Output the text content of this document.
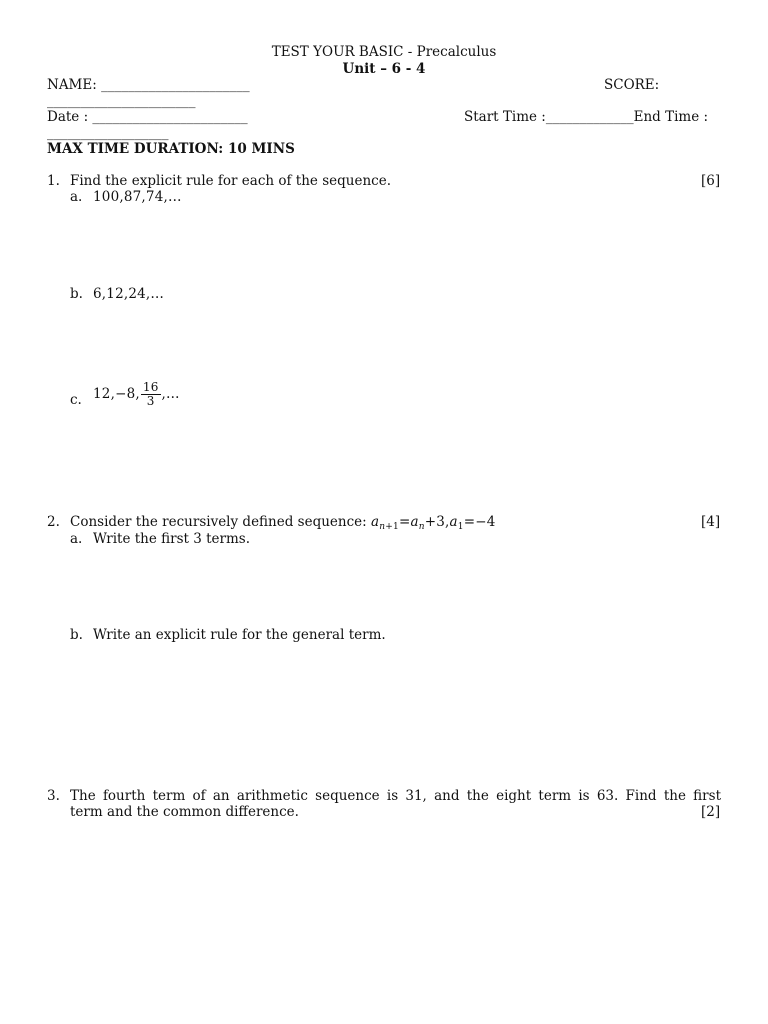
TEST YOUR BASIC - Precalculus
Unit – 6 - 4
NAME: ______________________	SCORE:
______________________
Date : _______________________	Start Time :_____________End Time :
__________________
MAX TIME DURATION: 10 MINS
1. Find the explicit rule for each of the sequence.	[6]
a. 100,87,74,…
b. 6,12,24,…
c. 12,−8, $\frac{16}{3}$ ,…
2. Consider the recursively defined sequence: $a_{n+1}=a_n+3,a_1=-4$	[4]
a. Write the first 3 terms.
b. Write an explicit rule for the general term.
3. The fourth term of an arithmetic sequence is 31, and the eight term is 63. Find the first
term and the common difference.	[2]
